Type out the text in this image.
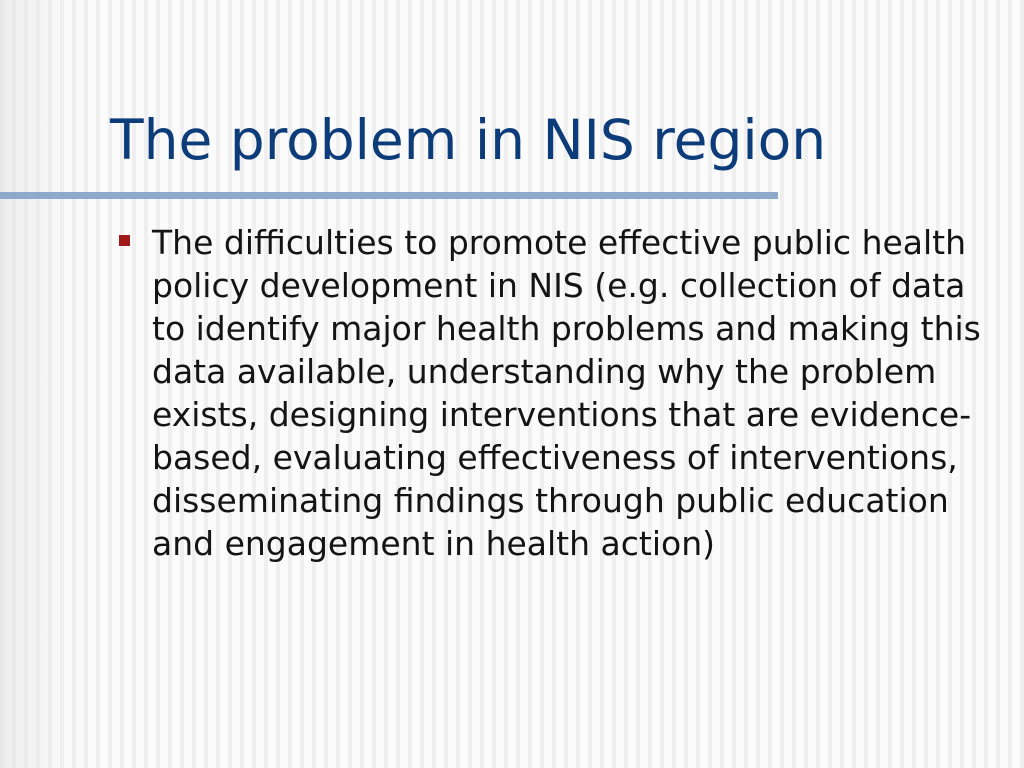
The problem in NIS region
The difficulties to promote effective public health policy development in NIS (e.g. collection of data to identify major health problems and making this data available, understanding why the problem exists, designing interventions that are evidence-based, evaluating effectiveness of interventions, disseminating findings through public education and engagement in health action)
